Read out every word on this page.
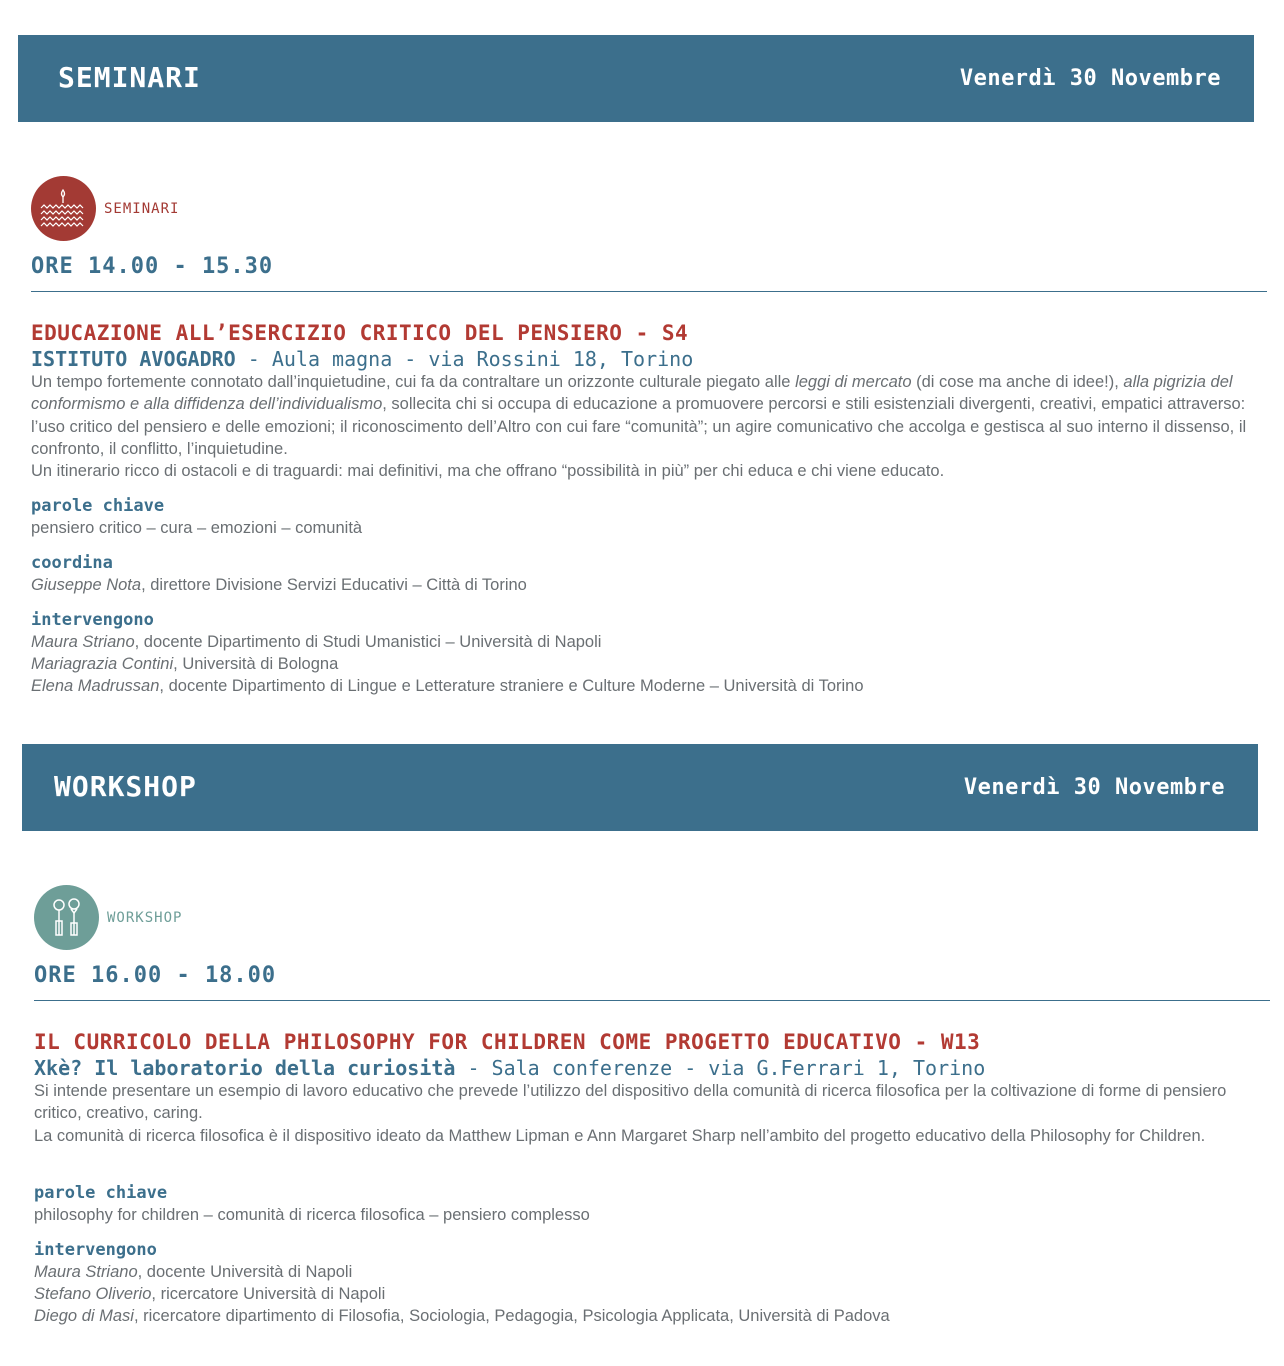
SEMINARI	Venerdì 30 Novembre
SEMINARI
ORE 14.00 - 15.30
EDUCAZIONE ALL’ESERCIZIO CRITICO DEL PENSIERO - S4
ISTITUTO AVOGADRO - Aula magna - via Rossini 18, Torino

Un tempo fortemente connotato dall’inquietudine, cui fa da contraltare un orizzonte culturale piegato alle leggi di mercato (di cose ma anche di idee!), alla pigrizia del conformismo e alla diffidenza dell’individualismo, sollecita chi si occupa di educazione a promuovere percorsi e stili esistenziali divergenti, creativi, empatici attraverso: l’uso critico del pensiero e delle emozioni; il riconoscimento dell’Altro con cui fare “comunità”; un agire comunicativo che accolga e gestisca al suo interno il dissenso, il confronto, il conflitto, l’inquietudine.

Un itinerario ricco di ostacoli e di traguardi: mai definitivi, ma che offrano “possibilità in più” per chi educa e chi viene educato.

parole chiave
pensiero critico – cura – emozioni – comunità
coordina
Giuseppe Nota, direttore Divisione Servizi Educativi – Città di Torino
intervengono
Maura Striano, docente Dipartimento di Studi Umanistici – Università di Napoli
Mariagrazia Contini, Università di Bologna
Elena Madrussan, docente Dipartimento di Lingue e Letterature straniere e Culture Moderne – Università di Torino
WORKSHOP	Venerdì 30 Novembre
WORKSHOP
ORE 16.00 - 18.00
IL CURRICOLO DELLA PHILOSOPHY FOR CHILDREN COME PROGETTO EDUCATIVO - W13
Xkè? Il laboratorio della curiosità - Sala conferenze - via G.Ferrari 1, Torino

Si intende presentare un esempio di lavoro educativo che prevede l’utilizzo del dispositivo della comunità di ricerca filosofica per la coltivazione di forme di pensiero critico, creativo, caring.

La comunità di ricerca filosofica è il dispositivo ideato da Matthew Lipman e Ann Margaret Sharp nell’ambito del progetto educativo della Philosophy for Children.

parole chiave
philosophy for children – comunità di ricerca filosofica – pensiero complesso
intervengono
Maura Striano, docente Università di Napoli
Stefano Oliverio, ricercatore Università di Napoli
Diego di Masi, ricercatore dipartimento di Filosofia, Sociologia, Pedagogia, Psicologia Applicata, Università di Padova
